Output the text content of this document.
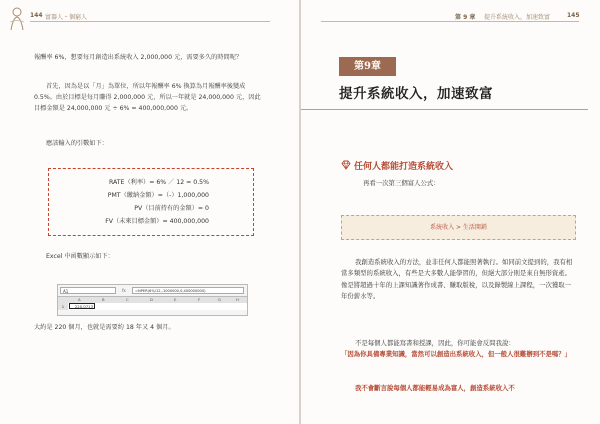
144 富器人・個窮人

報酬率 6%，想要每月創造出系統收入 2,000,000 元，需要多久的時間呢？

首先，因為是以「月」為單位，所以年報酬率 6% 換算為月報酬率後變成 0.5%。由於目標是每月賺得 2,000,000 元，所以一年就是 24,000,000 元，因此目標金額是 24,000,000 元 ÷ 6% = 400,000,000 元。

應該輸入的引數如下：

RATE（利率）= 6% ／ 12 = 0.5%
PMT（繳納金額）=（-）1,000,000
PV（目前持有的金額）= 0
FV（未來目標金額）= 400,000,000

Excel 中函數顯示如下：

A1	fx	=NPER(6%/12,-1000000,0,400000000)
A	B	C	D	E	F	G	H
1	220.0713

大約是 220 個月，也就是需要約 18 年又 4 個月。

第 9 章 提升系統收入，加速致富	145
第9章
提升系統收入，加速致富
任何人都能打造系統收入

再看一次第三個富人公式：

系統收入 > 生活開銷

我創造系統收入的方法，並非任何人都能照著執行。如同前文提到的，我有相當多類型的系統收入，有些是大多數人能學習的，但絕大部分則是來自無形資產。像是將超過十年的上課知識著作成書、賺取版稅，以及錄製線上課程，一次獲取一年份薪水等。

不是每個人都能寫書和授課，因此，你可能會反問我說：

「因為你具備專業知識，當然可以創造出系統收入，但一般人很難辦到不是嗎？」

我不會斷言說每個人都能輕易成為富人，創造系統收入不
